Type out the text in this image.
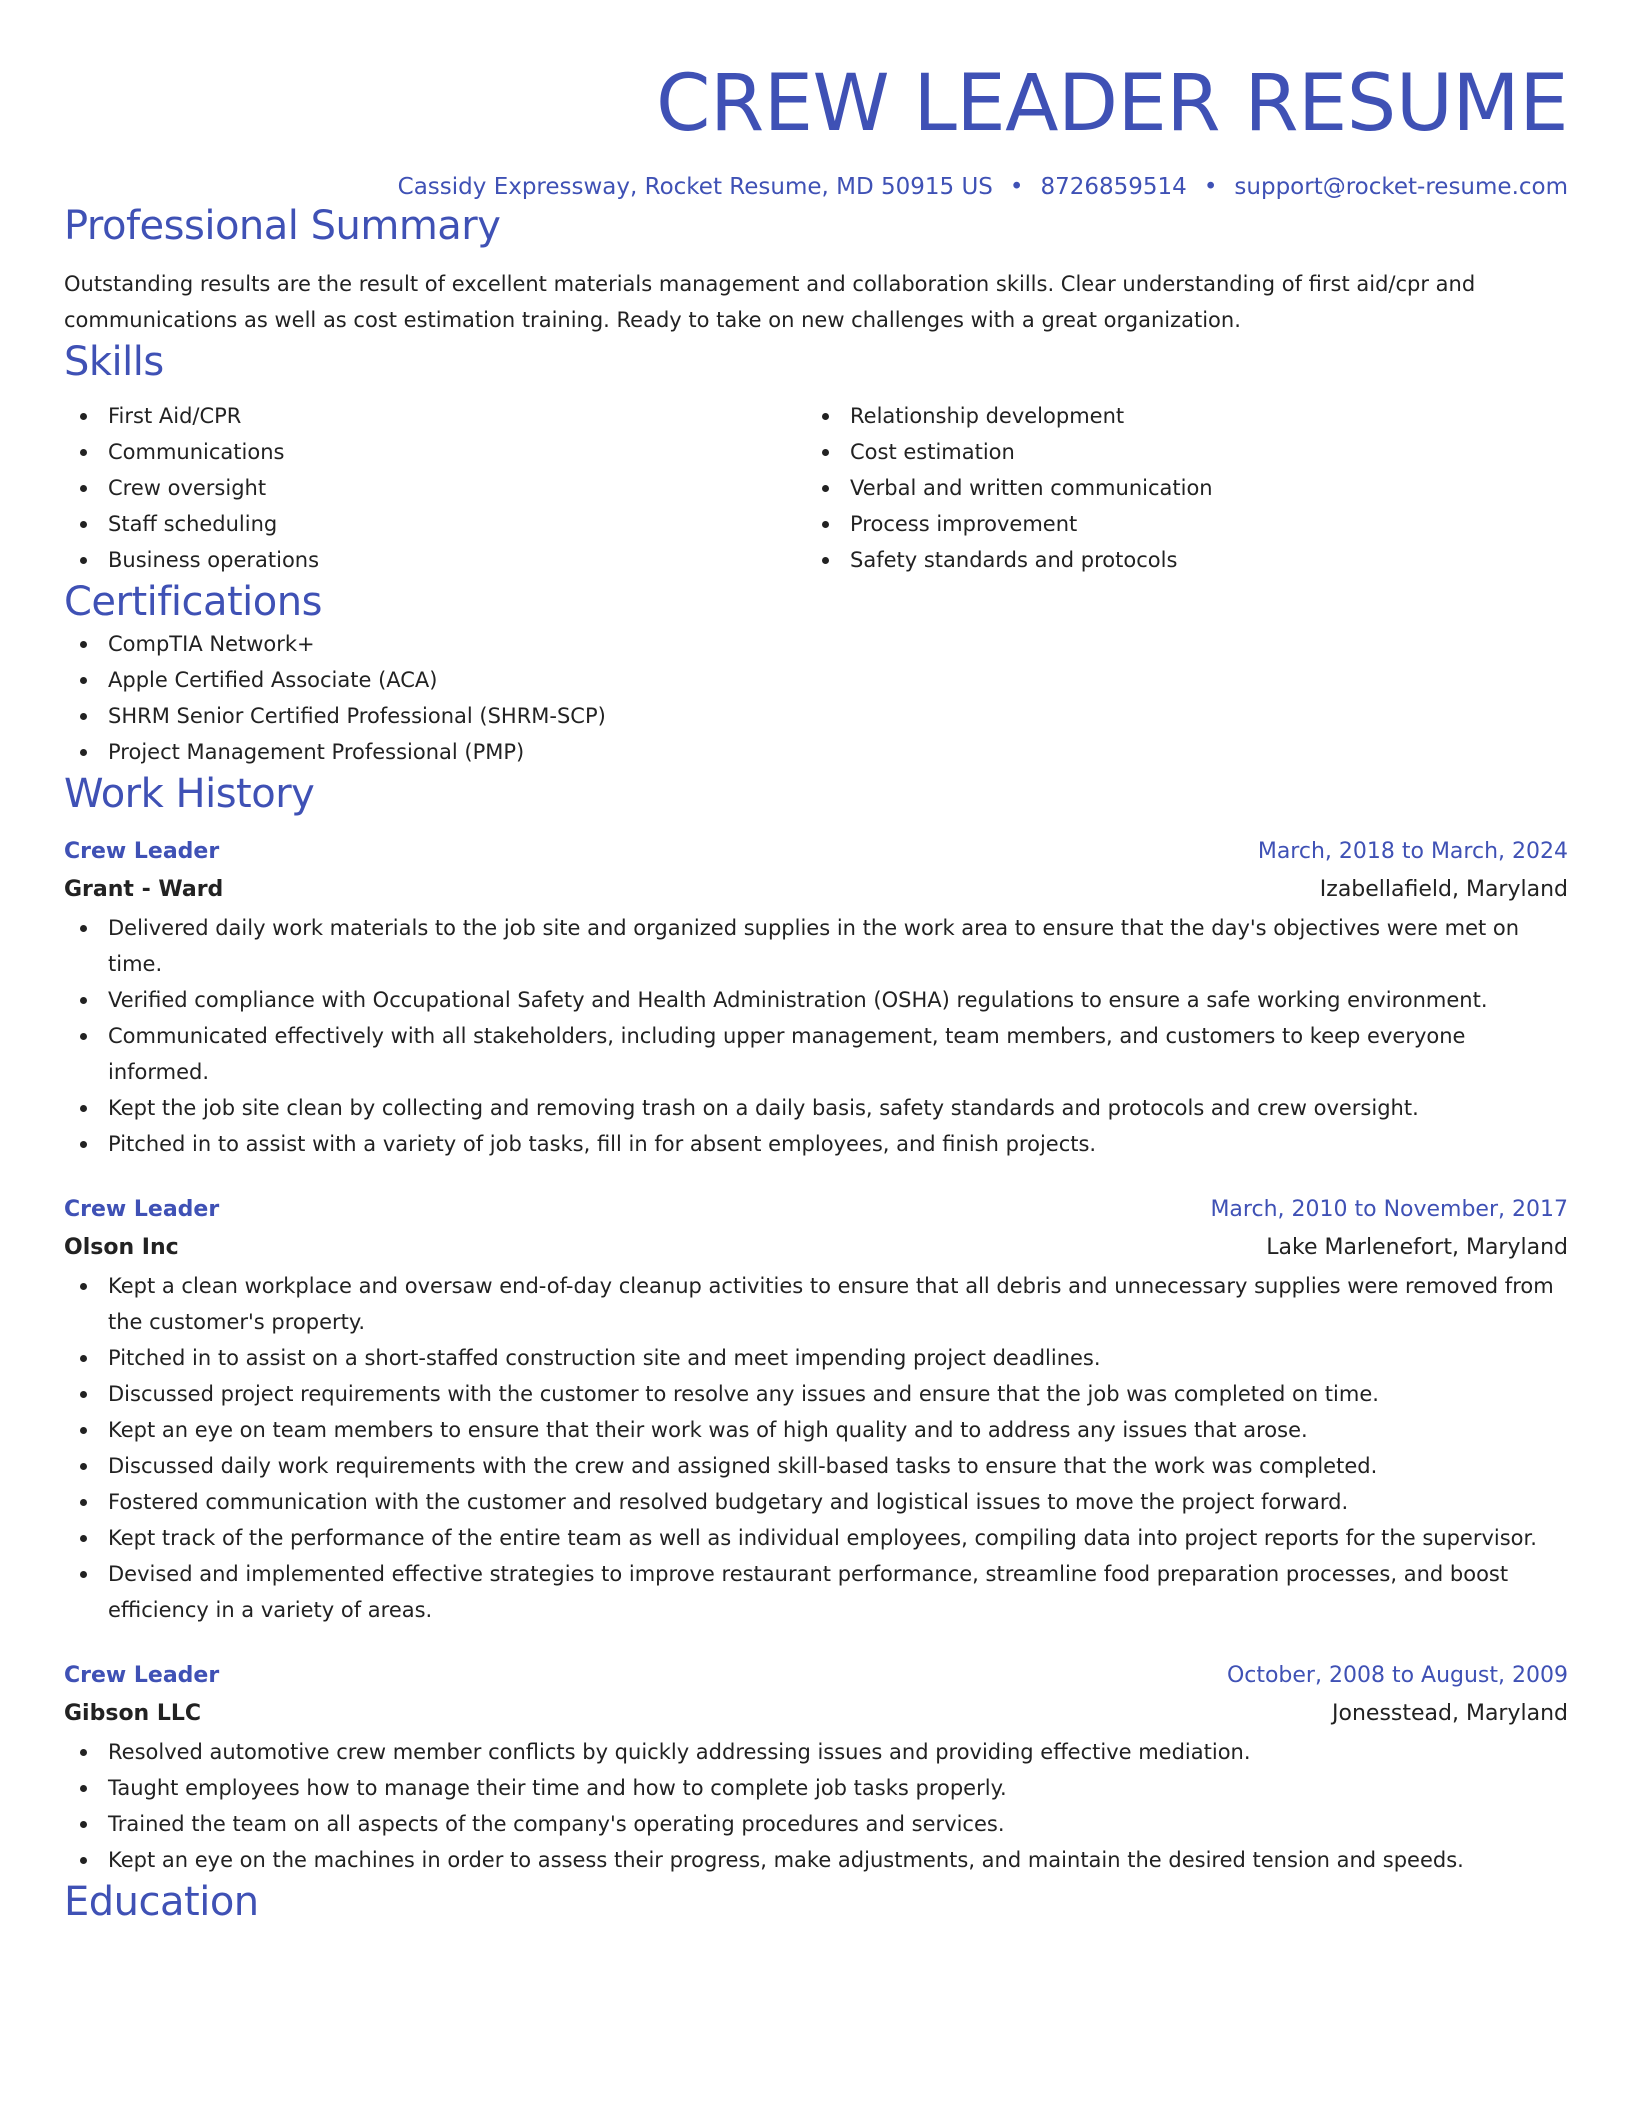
CREW LEADER RESUME
Cassidy Expressway, Rocket Resume, MD 50915 US • 8726859514 • support@rocket-resume.com
Professional Summary
Outstanding results are the result of excellent materials management and collaboration skills. Clear understanding of first aid/cpr and communications as well as cost estimation training. Ready to take on new challenges with a great organization.
Skills
First Aid/CPR
Communications
Crew oversight
Staff scheduling
Business operations
Relationship development
Cost estimation
Verbal and written communication
Process improvement
Safety standards and protocols
Certifications
CompTIA Network+
Apple Certified Associate (ACA)
SHRM Senior Certified Professional (SHRM-SCP)
Project Management Professional (PMP)
Work History
Crew Leader	March, 2018 to March, 2024
Grant - Ward	Izabellafield, Maryland
Delivered daily work materials to the job site and organized supplies in the work area to ensure that the day's objectives were met on time.
Verified compliance with Occupational Safety and Health Administration (OSHA) regulations to ensure a safe working environment.
Communicated effectively with all stakeholders, including upper management, team members, and customers to keep everyone informed.
Kept the job site clean by collecting and removing trash on a daily basis, safety standards and protocols and crew oversight.
Pitched in to assist with a variety of job tasks, fill in for absent employees, and finish projects.
Crew Leader	March, 2010 to November, 2017
Olson Inc	Lake Marlenefort, Maryland
Kept a clean workplace and oversaw end-of-day cleanup activities to ensure that all debris and unnecessary supplies were removed from the customer's property.
Pitched in to assist on a short-staffed construction site and meet impending project deadlines.
Discussed project requirements with the customer to resolve any issues and ensure that the job was completed on time.
Kept an eye on team members to ensure that their work was of high quality and to address any issues that arose.
Discussed daily work requirements with the crew and assigned skill-based tasks to ensure that the work was completed.
Fostered communication with the customer and resolved budgetary and logistical issues to move the project forward.
Kept track of the performance of the entire team as well as individual employees, compiling data into project reports for the supervisor.
Devised and implemented effective strategies to improve restaurant performance, streamline food preparation processes, and boost efficiency in a variety of areas.
Crew Leader	October, 2008 to August, 2009
Gibson LLC	Jonesstead, Maryland
Resolved automotive crew member conflicts by quickly addressing issues and providing effective mediation.
Taught employees how to manage their time and how to complete job tasks properly.
Trained the team on all aspects of the company's operating procedures and services.
Kept an eye on the machines in order to assess their progress, make adjustments, and maintain the desired tension and speeds.
Education
